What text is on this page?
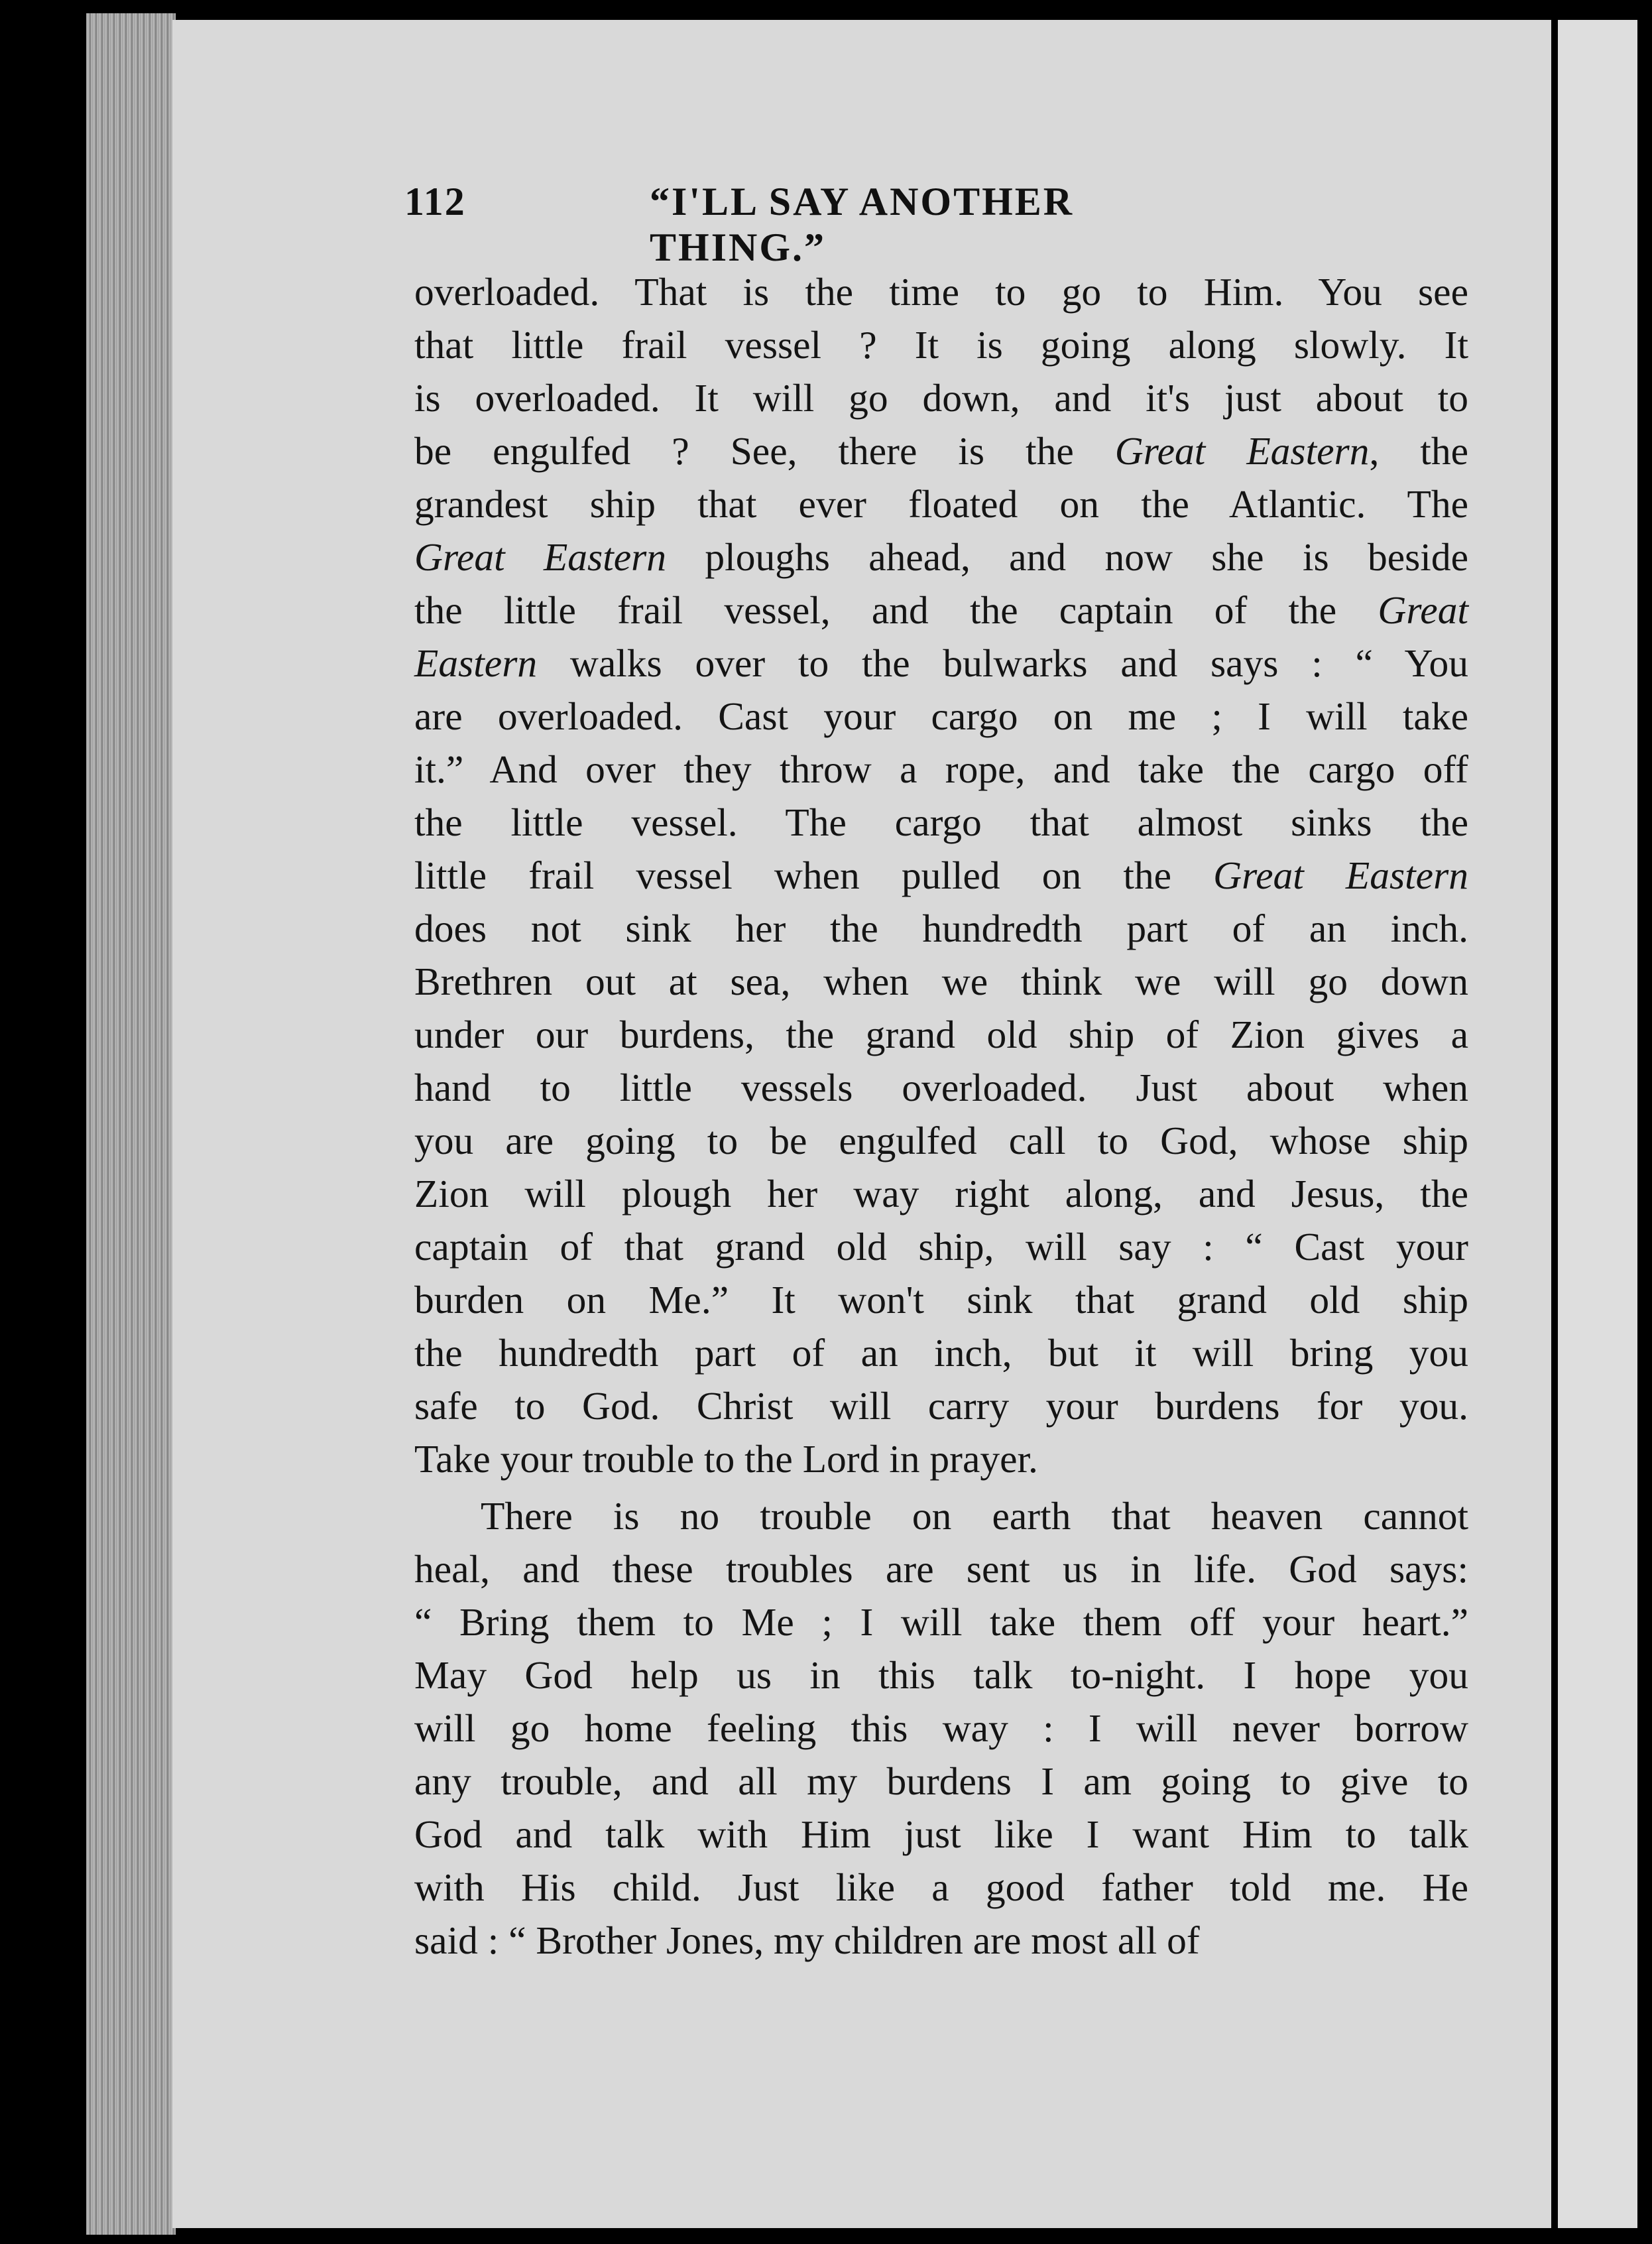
112	“I'LL SAY ANOTHER THING.”
overloaded. That is the time to go to Him. You see
that little frail vessel ? It is going along slowly. It
is overloaded. It will go down, and it's just about to
be engulfed ? See, there is the Great Eastern, the
grandest ship that ever floated on the Atlantic. The
Great Eastern ploughs ahead, and now she is beside
the little frail vessel, and the captain of the Great
Eastern walks over to the bulwarks and says : “ You
are overloaded. Cast your cargo on me ; I will take
it.” And over they throw a rope, and take the cargo off
the little vessel. The cargo that almost sinks the
little frail vessel when pulled on the Great Eastern
does not sink her the hundredth part of an inch.
Brethren out at sea, when we think we will go down
under our burdens, the grand old ship of Zion gives a
hand to little vessels overloaded. Just about when
you are going to be engulfed call to God, whose ship
Zion will plough her way right along, and Jesus, the
captain of that grand old ship, will say : “ Cast your
burden on Me.” It won't sink that grand old ship
the hundredth part of an inch, but it will bring you
safe to God. Christ will carry your burdens for you.
Take your trouble to the Lord in prayer.
There is no trouble on earth that heaven cannot
heal, and these troubles are sent us in life. God says:
“ Bring them to Me ; I will take them off your heart.”
May God help us in this talk to-night. I hope you
will go home feeling this way : I will never borrow
any trouble, and all my burdens I am going to give to
God and talk with Him just like I want Him to talk
with His child. Just like a good father told me. He
said : “ Brother Jones, my children are most all of
